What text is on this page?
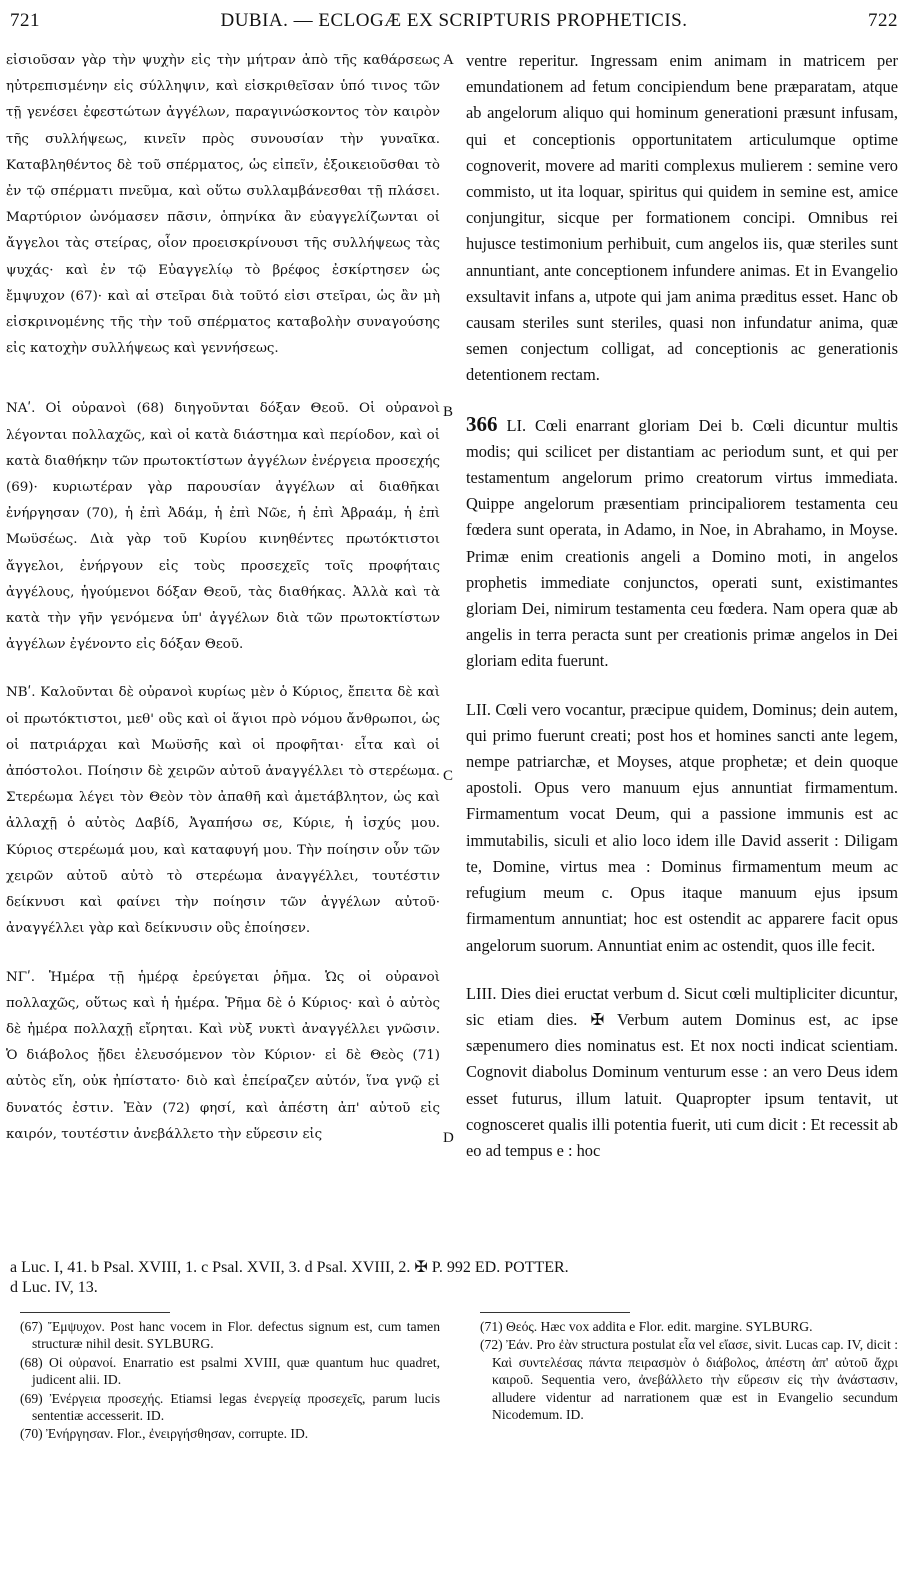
721	DUBIA. — ECLOGÆ EX SCRIPTURIS PROPHETICIS.	722
A
B
C
D

εἰσιοῦσαν γὰρ τὴν ψυχὴν εἰς τὴν μήτραν ἀπὸ τῆς καθάρσεως ηὐτρεπισμένην εἰς σύλληψιν, καὶ εἰσκριθεῖσαν ὑπό τινος τῶν τῇ γενέσει ἐφεστώτων ἀγγέλων, παραγινώσκοντος τὸν καιρὸν τῆς συλλήψεως, κινεῖν πρὸς συνουσίαν τὴν γυναῖκα. Καταβληθέντος δὲ τοῦ σπέρματος, ὡς εἰπεῖν, ἐξοικειοῦσθαι τὸ ἐν τῷ σπέρματι πνεῦμα, καὶ οὕτω συλλαμβάνεσθαι τῇ πλάσει. Μαρτύριον ὠνόμασεν πᾶσιν, ὁπηνίκα ἂν εὐαγγελίζωνται οἱ ἄγγελοι τὰς στείρας, οἷον προεισκρίνουσι τῆς συλλήψεως τὰς ψυχάς· καὶ ἐν τῷ Εὐαγγελίῳ τὸ βρέφος ἐσκίρτησεν ὡς ἔμψυχον (67)· καὶ αἱ στεῖραι διὰ τοῦτό εἰσι στεῖραι, ὡς ἂν μὴ εἰσκρινομένης τῆς τὴν τοῦ σπέρματος καταβολὴν συναγούσης εἰς κατοχὴν συλλήψεως καὶ γεννήσεως.

ΝΑʹ. Οἱ οὐρανοὶ (68) διηγοῦνται δόξαν Θεοῦ. Οἱ οὐρανοὶ λέγονται πολλαχῶς, καὶ οἱ κατὰ διάστημα καὶ περίοδον, καὶ οἱ κατὰ διαθήκην τῶν πρωτοκτίστων ἀγγέλων ἐνέργεια προσεχής (69)· κυριωτέραν γὰρ παρουσίαν ἀγγέλων αἱ διαθῆκαι ἐνήργησαν (70), ἡ ἐπὶ Ἀδάμ, ἡ ἐπὶ Νῶε, ἡ ἐπὶ Ἀβραάμ, ἡ ἐπὶ Μωϋσέως. Διὰ γὰρ τοῦ Κυρίου κινηθέντες πρωτόκτιστοι ἄγγελοι, ἐνήργουν εἰς τοὺς προσεχεῖς τοῖς προφήταις ἀγγέλους, ἡγούμενοι δόξαν Θεοῦ, τὰς διαθήκας. Ἀλλὰ καὶ τὰ κατὰ τὴν γῆν γενόμενα ὑπ' ἀγγέλων διὰ τῶν πρωτοκτίστων ἀγγέλων ἐγένοντο εἰς δόξαν Θεοῦ.

ΝΒʹ. Καλοῦνται δὲ οὐρανοὶ κυρίως μὲν ὁ Κύριος, ἔπειτα δὲ καὶ οἱ πρωτόκτιστοι, μεθ' οὓς καὶ οἱ ἅγιοι πρὸ νόμου ἄνθρωποι, ὡς οἱ πατριάρχαι καὶ Μωϋσῆς καὶ οἱ προφῆται· εἶτα καὶ οἱ ἀπόστολοι. Ποίησιν δὲ χειρῶν αὐτοῦ ἀναγγέλλει τὸ στερέωμα. Στερέωμα λέγει τὸν Θεὸν τὸν ἀπαθῆ καὶ ἀμετάβλητον, ὡς καὶ ἀλλαχῇ ὁ αὐτὸς Δαβίδ, Ἀγαπήσω σε, Κύριε, ἡ ἰσχύς μου. Κύριος στερέωμά μου, καὶ καταφυγή μου. Τὴν ποίησιν οὖν τῶν χειρῶν αὐτοῦ αὐτὸ τὸ στερέωμα ἀναγγέλλει, τουτέστιν δείκνυσι καὶ φαίνει τὴν ποίησιν τῶν ἀγγέλων αὐτοῦ· ἀναγγέλλει γὰρ καὶ δείκνυσιν οὓς ἐποίησεν.

ΝΓʹ. Ἡμέρα τῇ ἡμέρᾳ ἐρεύγεται ῥῆμα. Ὡς οἱ οὐρανοὶ πολλαχῶς, οὕτως καὶ ἡ ἡμέρα. Ῥῆμα δὲ ὁ Κύριος· καὶ ὁ αὐτὸς δὲ ἡμέρα πολλαχῇ εἴρηται. Καὶ νὺξ νυκτὶ ἀναγγέλλει γνῶσιν. Ὁ διάβολος ᾔδει ἐλευσόμενον τὸν Κύριον· εἰ δὲ Θεὸς (71) αὐτὸς εἴη, οὐκ ἠπίστατο· διὸ καὶ ἐπείραζεν αὐτόν, ἵνα γνῷ εἰ δυνατός ἐστιν. Ἐὰν (72) φησί, καὶ ἀπέστη ἀπ' αὐτοῦ εἰς καιρόν, τουτέστιν ἀνεβάλλετο τὴν εὕρεσιν εἰς

ventre reperitur. Ingressam enim animam in matricem per emundationem ad fetum concipiendum bene præparatam, atque ab angelorum aliquo qui hominum generationi præsunt infusam, qui et conceptionis opportunitatem articulumque optime cognoverit, movere ad mariti complexus mulierem : semine vero commisto, ut ita loquar, spiritus qui quidem in semine est, amice conjungitur, sicque per formationem concipi. Omnibus rei hujusce testimonium perhibuit, cum angelos iis, quæ steriles sunt annuntiant, ante conceptionem infundere animas. Et in Evangelio exsultavit infans a, utpote qui jam anima præditus esset. Hanc ob causam steriles sunt steriles, quasi non infundatur anima, quæ semen conjectum colligat, ad conceptionis ac generationis detentionem rectam.

366 LI. Cœli enarrant gloriam Dei b. Cœli dicuntur multis modis; qui scilicet per distantiam ac periodum sunt, et qui per testamentum angelorum primo creatorum virtus immediata. Quippe angelorum præsentiam principaliorem testamenta ceu fœdera sunt operata, in Adamo, in Noe, in Abrahamo, in Moyse. Primæ enim creationis angeli a Domino moti, in angelos prophetis immediate conjunctos, operati sunt, existimantes gloriam Dei, nimirum testamenta ceu fœdera. Nam opera quæ ab angelis in terra peracta sunt per creationis primæ angelos in Dei gloriam edita fuerunt.

LII. Cœli vero vocantur, præcipue quidem, Dominus; dein autem, qui primo fuerunt creati; post hos et homines sancti ante legem, nempe patriarchæ, et Moyses, atque prophetæ; et dein quoque apostoli. Opus vero manuum ejus annuntiat firmamentum. Firmamentum vocat Deum, qui a passione immunis est ac immutabilis, siculi et alio loco idem ille David asserit : Diligam te, Domine, virtus mea : Dominus firmamentum meum ac refugium meum c. Opus itaque manuum ejus ipsum firmamentum annuntiat; hoc est ostendit ac apparere facit opus angelorum suorum. Annuntiat enim ac ostendit, quos ille fecit.

LIII. Dies diei eructat verbum d. Sicut cœli multipliciter dicuntur, sic etiam dies. ✠ Verbum autem Dominus est, ac ipse sæpenumero dies nominatus est. Et nox nocti indicat scientiam. Cognovit diabolus Dominum venturum esse : an vero Deus idem esset futurus, illum latuit. Quapropter ipsum tentavit, ut cognosceret qualis illi potentia fuerit, uti cum dicit : Et recessit ab eo ad tempus e : hoc

a Luc. I, 41. b Psal. XVIII, 1. c Psal. XVII, 3. d Psal. XVIII, 2. ✠ P. 992 ED. POTTER.
d Luc. IV, 13.

(67) Ἔμψυχον. Post hanc vocem in Flor. defectus signum est, cum tamen structuræ nihil desit. SYLBURG.

(68) Οἱ οὐρανοί. Enarratio est psalmi XVIII, quæ quantum huc quadret, judicent alii. ID.

(69) Ἐνέργεια προσεχής. Etiamsi legas ἐνεργείᾳ προσεχεῖς, parum lucis sententiæ accesserit. ID.

(70) Ἐνήργησαν. Flor., ἐνειργήσθησαν, corrupte. ID.

(71) Θεός. Hæc vox addita e Flor. edit. margine. SYLBURG.

(72) Ἐάν. Pro ἐὰν structura postulat εἶα vel εἴασε, sivit. Lucas cap. IV, dicit : Καὶ συντελέσας πάντα πειρασμὸν ὁ διάβολος, ἀπέστη ἀπ' αὐτοῦ ἄχρι καιροῦ. Sequentia vero, ἀνεβάλλετο τὴν εὕρεσιν εἰς τὴν ἀνάστασιν, alludere videntur ad narrationem quæ est in Evangelio secundum Nicodemum. ID.
